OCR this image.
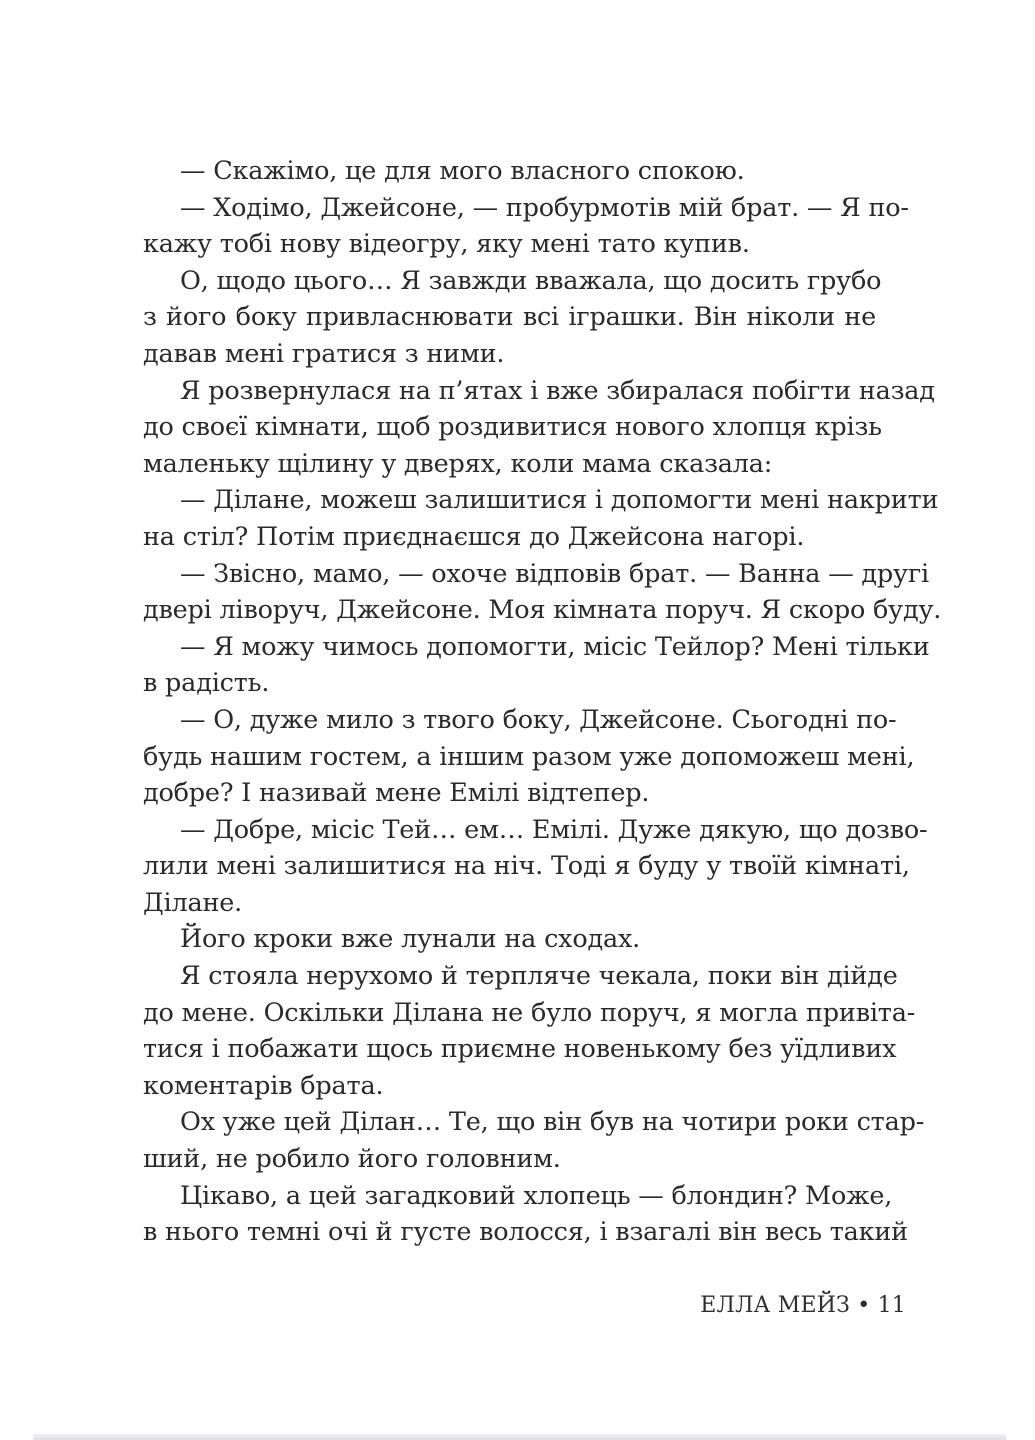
— Скажімо, це для мого власного спокою.
— Ходімо, Джейсоне, — пробурмотів мій брат. — Я по-
кажу тобі нову відеогру, яку мені тато купив.
О, щодо цього… Я завжди вважала, що досить грубо
з його боку привласнювати всі іграшки. Він ніколи не
давав мені гратися з ними.
Я розвернулася на п’ятах і вже збиралася побігти назад
до своєї кімнати, щоб роздивитися нового хлопця крізь
маленьку щілину у дверях, коли мама сказала:
— Ділане, можеш залишитися і допомогти мені накрити
на стіл? Потім приєднаєшся до Джейсона нагорі.
— Звісно, мамо, — охоче відповів брат. — Ванна — другі
двері ліворуч, Джейсоне. Моя кімната поруч. Я скоро буду.
— Я можу чимось допомогти, місіс Тейлор? Мені тільки
в радість.
— О, дуже мило з твого боку, Джейсоне. Сьогодні по-
будь нашим гостем, а іншим разом уже допоможеш мені,
добре? І називай мене Емілі відтепер.
— Добре, місіс Тей… ем… Емілі. Дуже дякую, що дозво-
лили мені залишитися на ніч. Тоді я буду у твоїй кімнаті,
Ділане.
Його кроки вже лунали на сходах.
Я стояла нерухомо й терпляче чекала, поки він дійде
до мене. Оскільки Ділана не було поруч, я могла привіта-
тися і побажати щось приємне новенькому без уїдливих
коментарів брата.
Ох уже цей Ділан… Те, що він був на чотири роки стар-
ший, не робило його головним.
Цікаво, а цей загадковий хлопець — блондин? Може,
в нього темні очі й густе волосся, і взагалі він весь такий
ЕЛЛА МЕЙЗ • 11
